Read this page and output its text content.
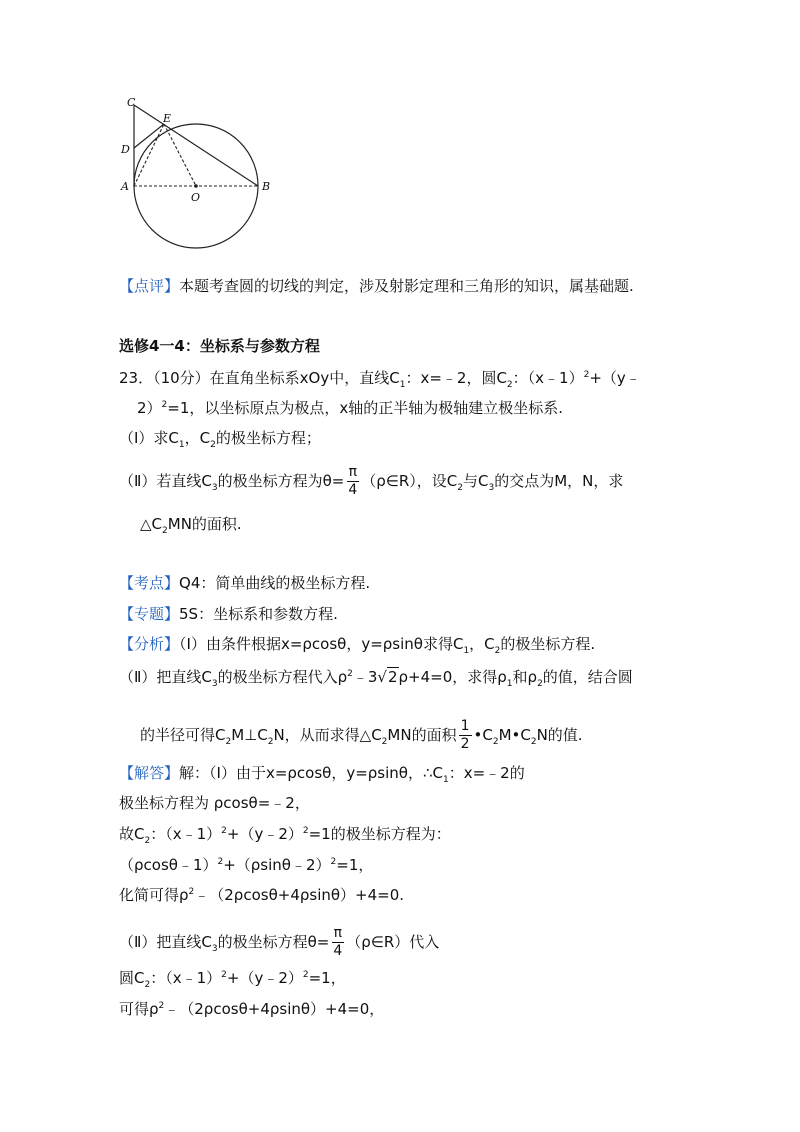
C
E
D
A
O
B
【点评】本题考查圆的切线的判定，涉及射影定理和三角形的知识，属基础题.
选修4一4：坐标系与参数方程
23．（10分）在直角坐标系xOy中，直线$C_1$：x=﹣2，圆$C_2$：（x﹣1）$^2$+（y﹣
2）$^2$=1，以坐标原点为极点，x轴的正半轴为极轴建立极坐标系.
（Ⅰ）求$C_1$，$C_2$的极坐标方程；
（Ⅱ）若直线$C_3$的极坐标方程为$\theta= \frac{\pi}{4}$ （ρ∈R），设$C_2$与$C_3$的交点为M，N，求
$\triangle C_2MN$的面积.
【考点】Q4：简单曲线的极坐标方程.
【专题】5S：坐标系和参数方程.
【分析】（Ⅰ）由条件根据x=ρcosθ，y=ρsinθ求得$C_1$，$C_2$的极坐标方程.
（Ⅱ）把直线$C_3$的极坐标方程代入$\rho^2﹣3√2\rho+4=0$，求得$\rho_1$和$\rho_2$的值，结合圆
的半径可得$C_2M\perp C_2N$，从而求得$\triangle C_2MN$的面积 $\frac{1}{2}$ $•C_2M•C_2N$的值.
【解答】解：（Ⅰ）由于x=ρcosθ，y=ρsinθ，$\therefore C_1$：x=﹣2的
极坐标方程为 ρcosθ=﹣2，
故$C_2$：（x﹣1）$^2$+（y﹣2）$^2$=1的极坐标方程为：
（ρcosθ﹣1）$^2$+（ρsinθ﹣2）$^2$=1，
化简可得$\rho^2﹣(2\rho\cos\theta+4\rho\sin\theta)+4=0$.
（Ⅱ）把直线$C_3$的极坐标方程$\theta= \frac{\pi}{4}$ （ρ∈R）代入
圆$C_2$：（x﹣1）$^2$+（y﹣2）$^2$=1，
可得$\rho^2﹣(2\rho\cos\theta+4\rho\sin\theta)+4=0$，
